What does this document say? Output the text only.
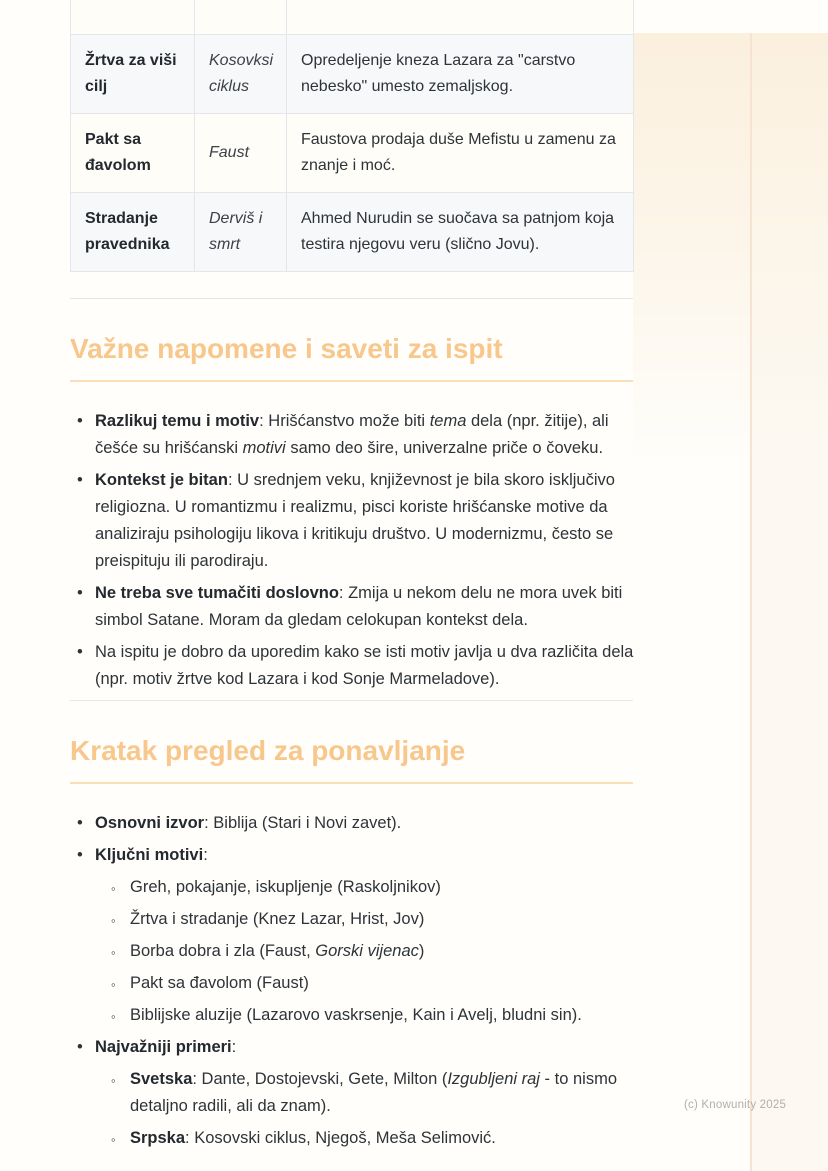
Žrtva za viši cilj	Kosovksi ciklus	Opredeljenje kneza Lazara za "carstvo nebesko" umesto zemaljskog.
Pakt sa đavolom	Faust	Faustova prodaja duše Mefistu u zamenu za znanje i moć.
Stradanje pravednika	Derviš i smrt	Ahmed Nurudin se suočava sa patnjom koja testira njegovu veru (slično Jovu).
Važne napomene i saveti za ispit
• Razlikuj temu i motiv: Hrišćanstvo može biti tema dela (npr. žitije), ali češće su hrišćanski motivi samo deo šire, univerzalne priče o čoveku.
• Kontekst je bitan: U srednjem veku, književnost je bila skoro isključivo religiozna. U romantizmu i realizmu, pisci koriste hrišćanske motive da analiziraju psihologiju likova i kritikuju društvo. U modernizmu, često se preispituju ili parodiraju.
• Ne treba sve tumačiti doslovno: Zmija u nekom delu ne mora uvek biti simbol Satane. Moram da gledam celokupan kontekst dela.
• Na ispitu je dobro da uporedim kako se isti motiv javlja u dva različita dela (npr. motiv žrtve kod Lazara i kod Sonje Marmeladove).
Kratak pregled za ponavljanje
• Osnovni izvor: Biblija (Stari i Novi zavet).
• Ključni motivi:
◦ Greh, pokajanje, iskupljenje (Raskoljnikov)
◦ Žrtva i stradanje (Knez Lazar, Hrist, Jov)
◦ Borba dobra i zla (Faust, Gorski vijenac)
◦ Pakt sa đavolom (Faust)
◦ Biblijske aluzije (Lazarovo vaskrsenje, Kain i Avelj, bludni sin).
• Najvažniji primeri:
◦ Svetska: Dante, Dostojevski, Gete, Milton (Izgubljeni raj - to nismo detaljno radili, ali da znam).
◦ Srpska: Kosovski ciklus, Njegoš, Meša Selimović.
(c) Knowunity 2025
